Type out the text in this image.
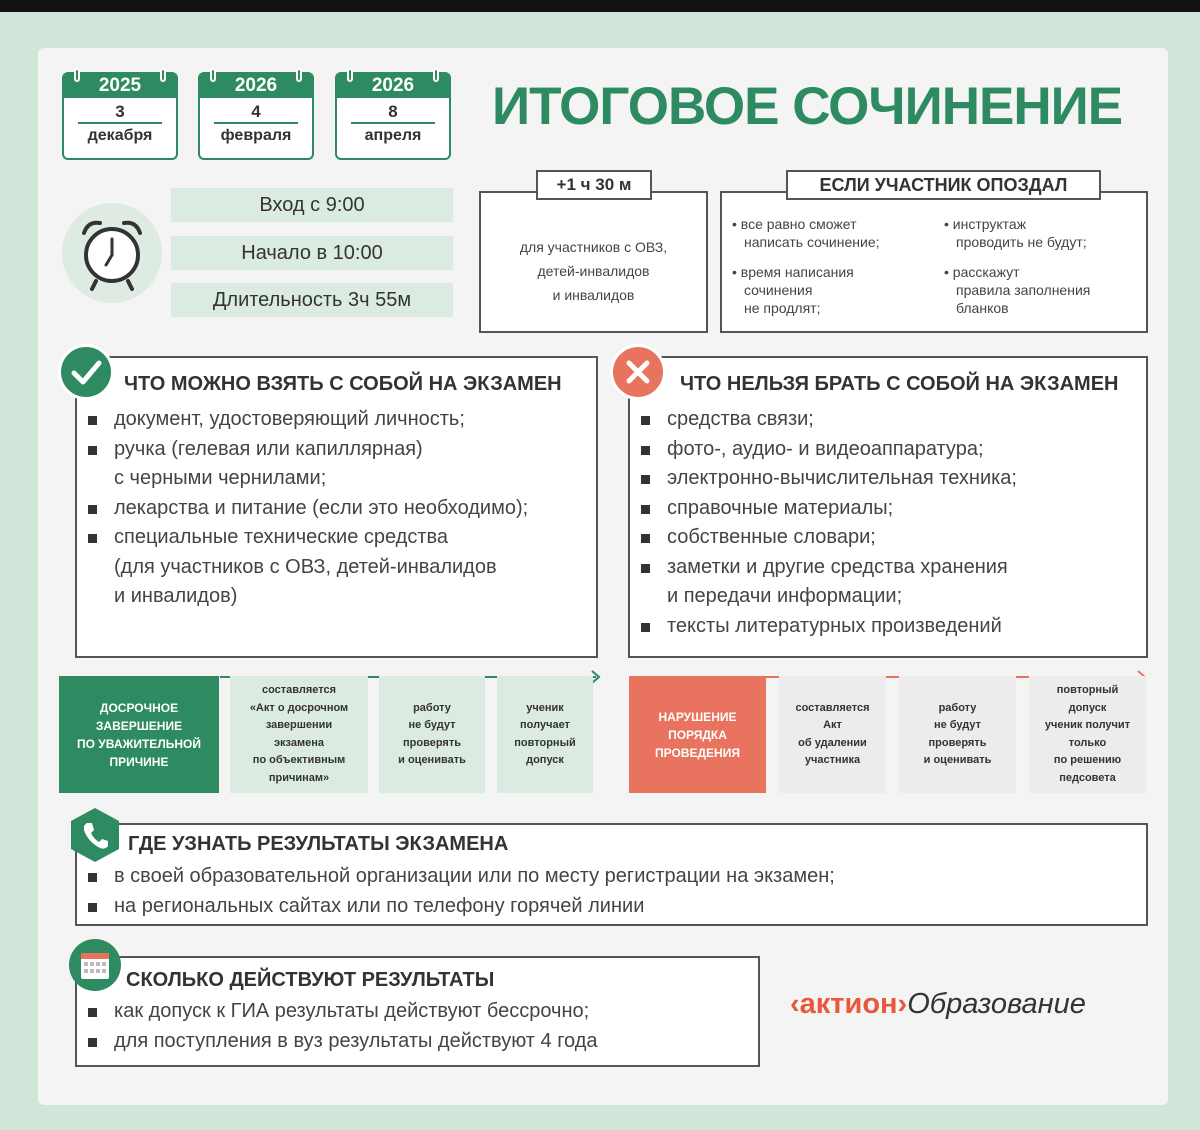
2025
3
декабря
2026
4
февраля
2026
8
апреля	ИТОГОВОЕ СОЧИНЕНИЕ
Вход с 9:00
Начало в 10:00
Длительность 3ч 55м
для участников с ОВЗ,
детей-инвалидов
и инвалидов
+1 ч 30 м
• все равно сможет
написать сочинение;
• время написания
сочинения
не продлят;
• инструктаж
проводить не будут;
• расскажут
правила заполнения
бланков
ЕСЛИ УЧАСТНИК ОПОЗДАЛ
ЧТО МОЖНО ВЗЯТЬ С СОБОЙ НА ЭКЗАМЕН
документ, удостоверяющий личность;
ручка (гелевая или капиллярная)
с черными чернилами;
лекарства и питание (если это необходимо);
специальные технические средства
(для участников с ОВЗ, детей-инвалидов
и инвалидов)
ЧТО НЕЛЬЗЯ БРАТЬ С СОБОЙ НА ЭКЗАМЕН
средства связи;
фото-, аудио- и видеоаппаратура;
электронно-вычислительная техника;
справочные материалы;
собственные словари;
заметки и другие средства хранения
и передачи информации;
тексты литературных произведений
ДОСРОЧНОЕ
ЗАВЕРШЕНИЕ
ПО УВАЖИТЕЛЬНОЙ
ПРИЧИНЕ
составляется
«Акт о досрочном
завершении
экзамена
по объективным
причинам»
работу
не будут
проверять
и оценивать
ученик
получает
повторный
допуск
НАРУШЕНИЕ
ПОРЯДКА
ПРОВЕДЕНИЯ
составляется
Акт
об удалении
участника
работу
не будут
проверять
и оценивать
повторный
допуск
ученик получит
только
по решению
педсовета
ГДЕ УЗНАТЬ РЕЗУЛЬТАТЫ ЭКЗАМЕНА
в своей образовательной организации или по месту регистрации на экзамен;
на региональных сайтах или по телефону горячей линии
СКОЛЬКО ДЕЙСТВУЮТ РЕЗУЛЬТАТЫ
как допуск к ГИА результаты действуют бессрочно;
для поступления в вуз результаты действуют 4 года
‹актион›Образование
